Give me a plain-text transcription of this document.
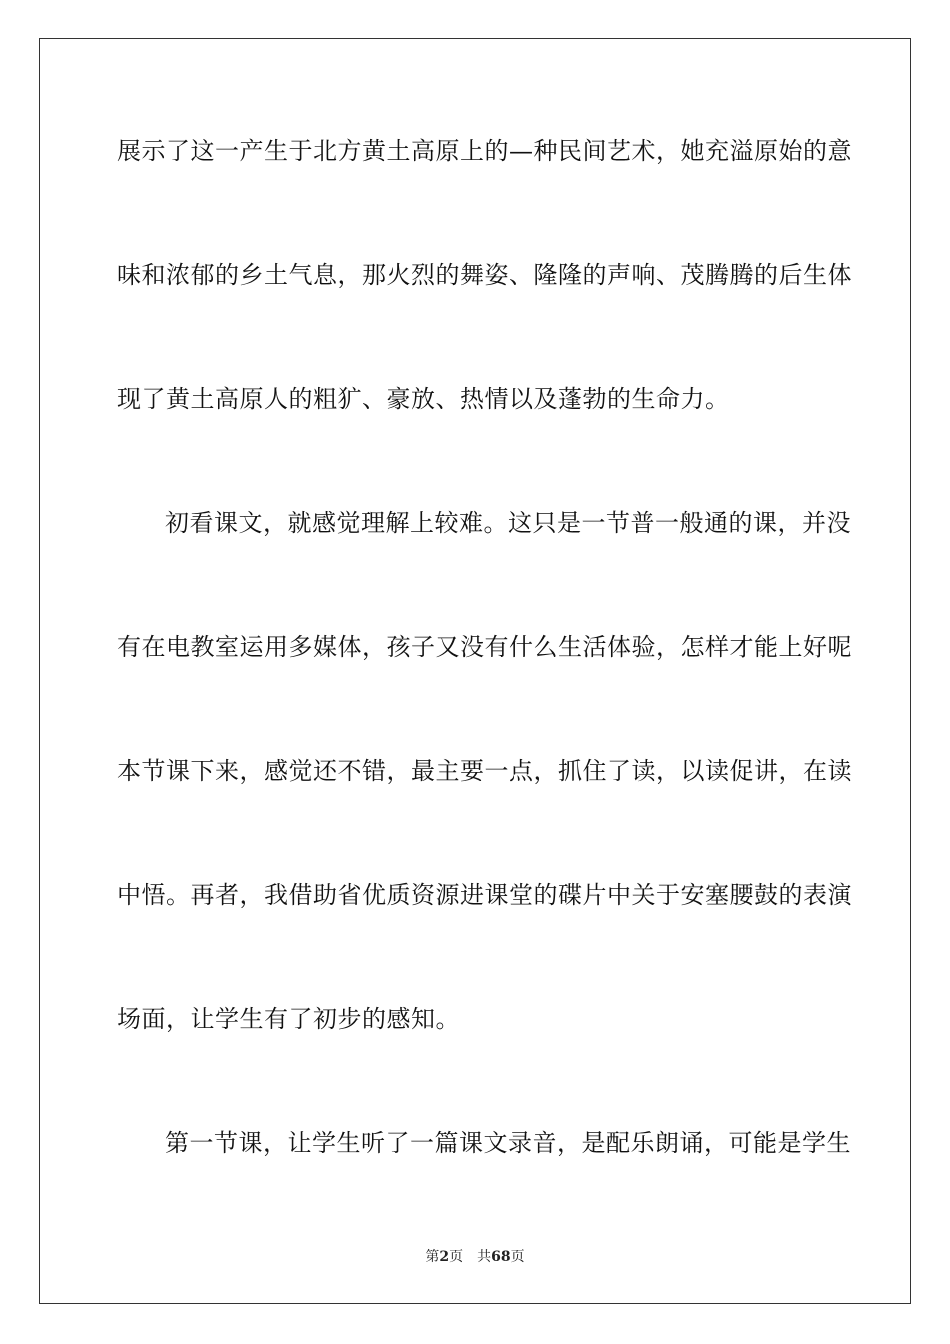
展示了这一产生于北方黄土高原上的—种民间艺术，她充溢原始的意
味和浓郁的乡土气息，那火烈的舞姿、隆隆的声响、茂腾腾的后生体
现了黄土高原人的粗犷、豪放、热情以及蓬勃的生命力。
初看课文，就感觉理解上较难。这只是一节普一般通的课，并没
有在电教室运用多媒体，孩子又没有什么生活体验，怎样才能上好呢
本节课下来，感觉还不错，最主要一点，抓住了读，以读促讲，在读
中悟。再者，我借助省优质资源进课堂的碟片中关于安塞腰鼓的表演
场面，让学生有了初步的感知。
第一节课，让学生听了一篇课文录音，是配乐朗诵，可能是学生
第2页 共68页
